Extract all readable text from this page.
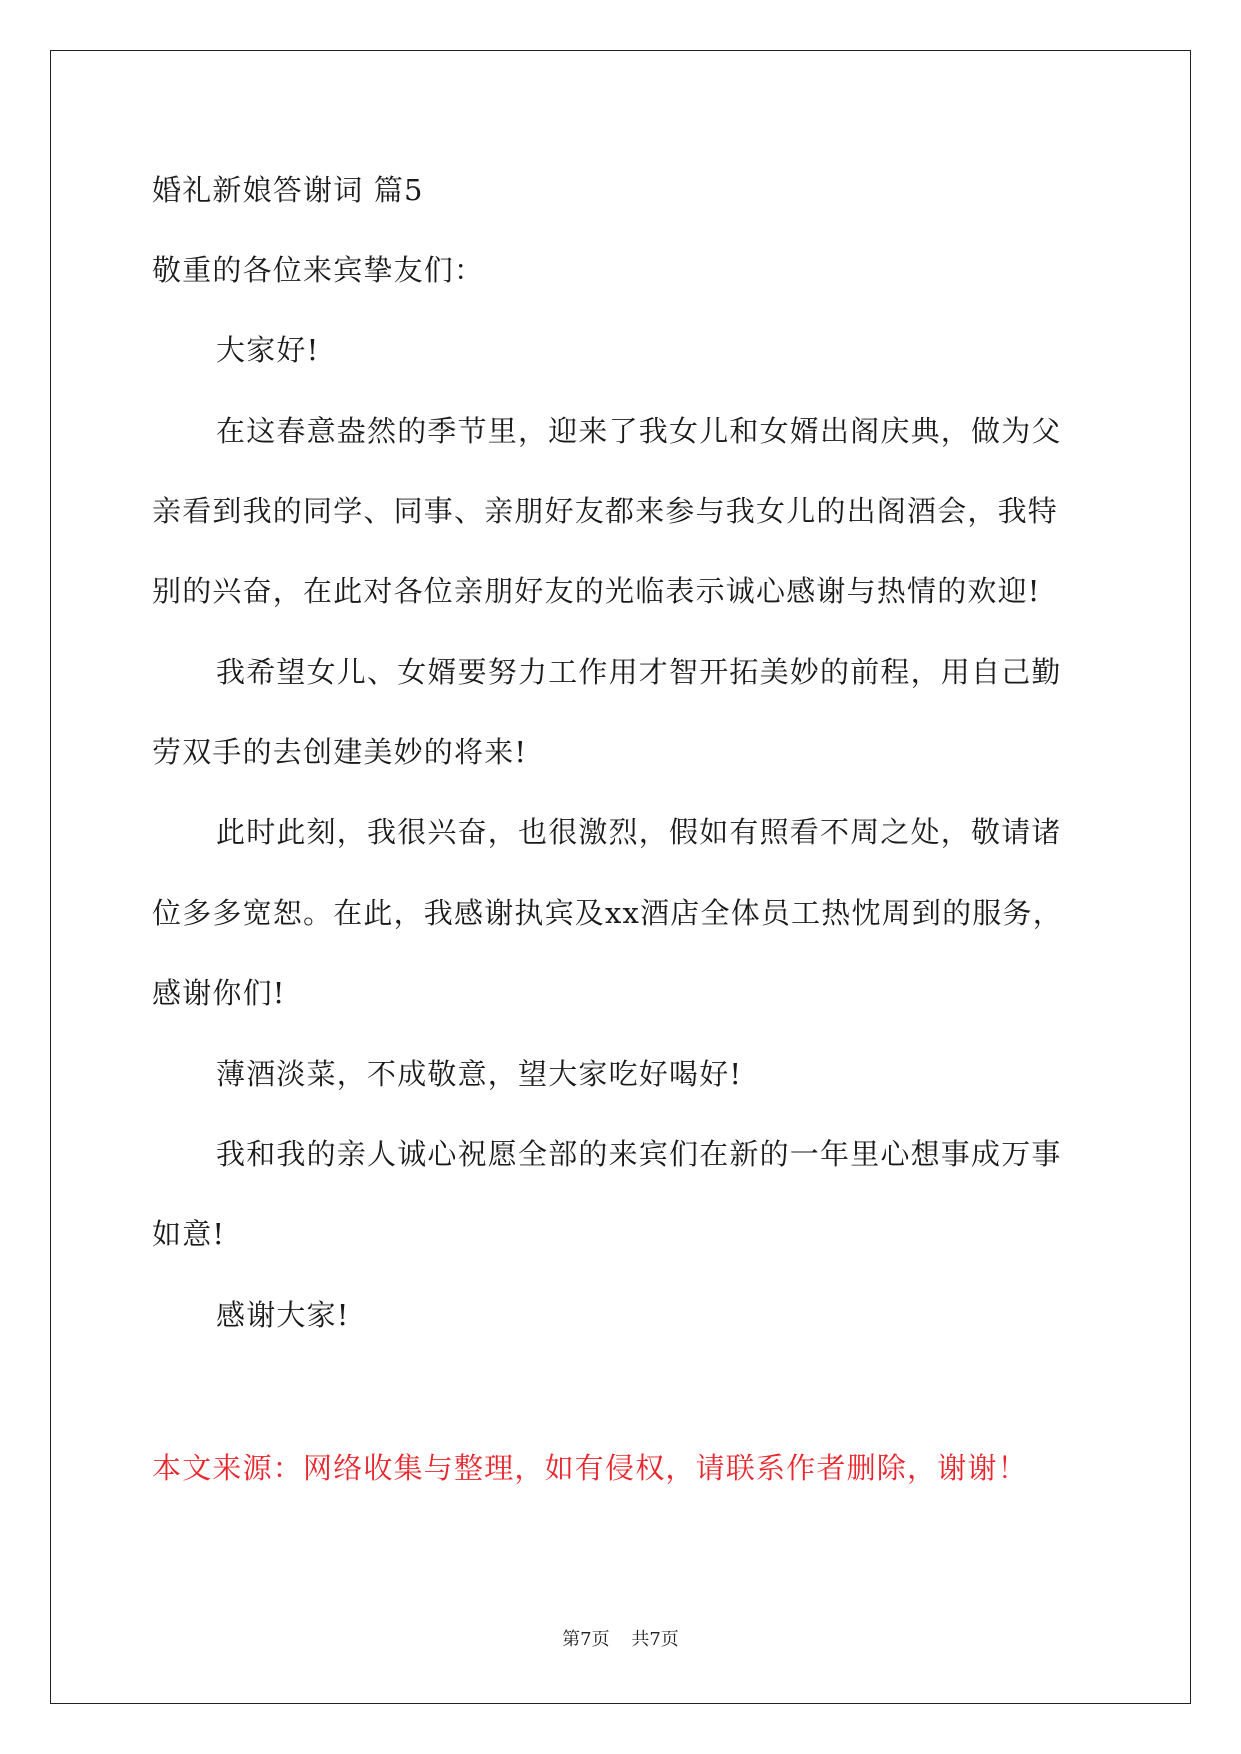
婚礼新娘答谢词 篇5
敬重的各位来宾挚友们：
大家好!
在这春意盎然的季节里，迎来了我女儿和女婿出阁庆典，做为父
亲看到我的同学、同事、亲朋好友都来参与我女儿的出阁酒会，我特
别的兴奋，在此对各位亲朋好友的光临表示诚心感谢与热情的欢迎!
我希望女儿、女婿要努力工作用才智开拓美妙的前程，用自己勤
劳双手的去创建美妙的将来!
此时此刻，我很兴奋，也很激烈，假如有照看不周之处，敬请诸
位多多宽恕。在此，我感谢执宾及xx酒店全体员工热忱周到的服务，
感谢你们!
薄酒淡菜，不成敬意，望大家吃好喝好!
我和我的亲人诚心祝愿全部的来宾们在新的一年里心想事成万事
如意!
感谢大家!
本文来源：网络收集与整理，如有侵权，请联系作者删除，谢谢！
第7页 共7页
